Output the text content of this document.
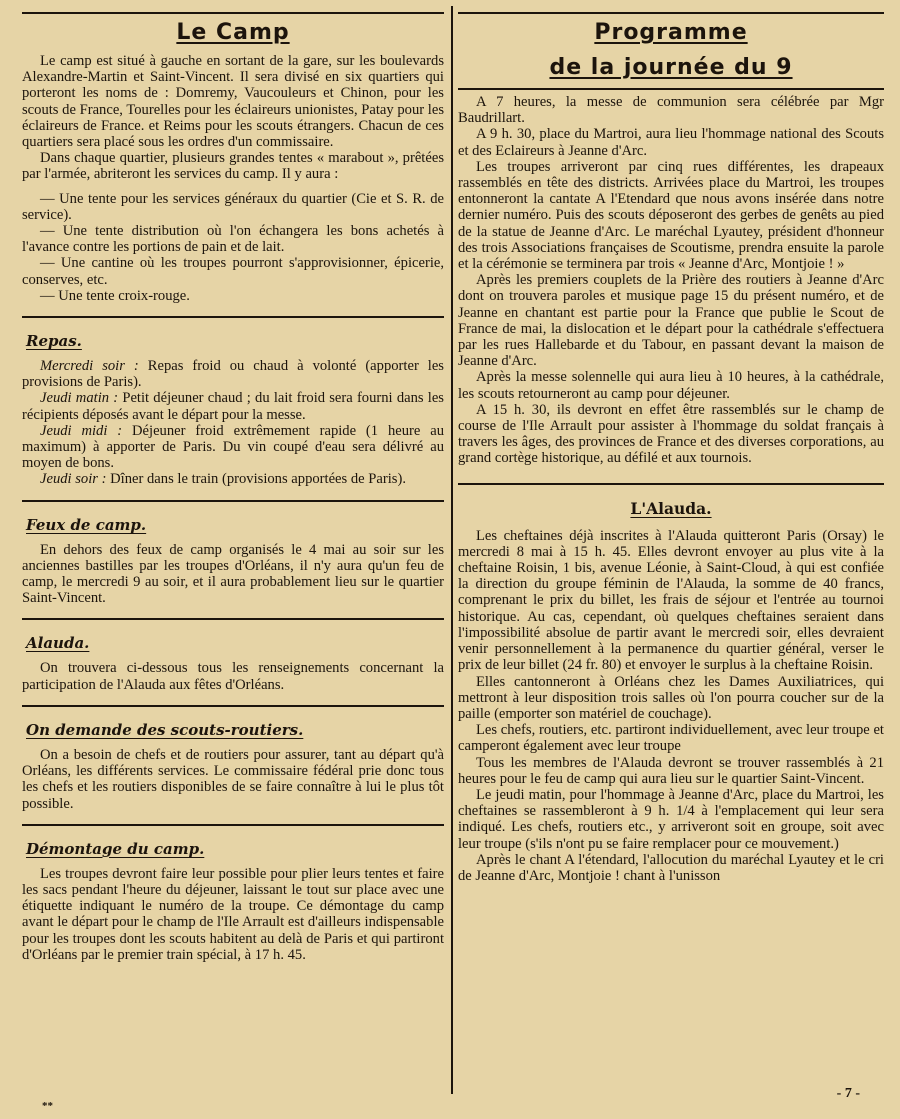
Le Camp

Le camp est situé à gauche en sortant de la gare, sur les boulevards Alexandre-Martin et Saint-Vincent. Il sera divisé en six quartiers qui porteront les noms de : Domremy, Vaucouleurs et Chinon, pour les scouts de France, Tourelles pour les éclaireurs unionistes, Patay pour les éclaireurs de France. et Reims pour les scouts étrangers. Chacun de ces quartiers sera placé sous les ordres d'un commissaire.

Dans chaque quartier, plusieurs grandes tentes « marabout », prêtées par l'armée, abriteront les services du camp. Il y aura :

— Une tente pour les services généraux du quartier (Cie et S. R. de service).

— Une tente distribution où l'on échangera les bons achetés à l'avance contre les portions de pain et de lait.

— Une cantine où les troupes pourront s'approvisionner, épicerie, conserves, etc.

— Une tente croix-rouge.

Repas.

Mercredi soir : Repas froid ou chaud à volonté (apporter les provisions de Paris).

Jeudi matin : Petit déjeuner chaud ; du lait froid sera fourni dans les récipients déposés avant le départ pour la messe.

Jeudi midi : Déjeuner froid extrêmement rapide (1 heure au maximum) à apporter de Paris. Du vin coupé d'eau sera délivré au moyen de bons.

Jeudi soir : Dîner dans le train (provisions apportées de Paris).

Feux de camp.

En dehors des feux de camp organisés le 4 mai au soir sur les anciennes bastilles par les troupes d'Orléans, il n'y aura qu'un feu de camp, le mercredi 9 au soir, et il aura probablement lieu sur le quartier Saint-Vincent.

Alauda.

On trouvera ci-dessous tous les renseignements concernant la participation de l'Alauda aux fêtes d'Orléans.

On demande des scouts-routiers.

On a besoin de chefs et de routiers pour assurer, tant au départ qu'à Orléans, les différents services. Le commissaire fédéral prie donc tous les chefs et les routiers disponibles de se faire connaître à lui le plus tôt possible.

Démontage du camp.

Les troupes devront faire leur possible pour plier leurs tentes et faire les sacs pendant l'heure du déjeuner, laissant le tout sur place avec une étiquette indiquant le numéro de la troupe. Ce démontage du camp avant le départ pour le champ de l'Ile Arrault est d'ailleurs indispensable pour les troupes dont les scouts habitent au delà de Paris et qui partiront d'Orléans par le premier train spécial, à 17 h. 45.

Programme
de la journée du 9

A 7 heures, la messe de communion sera célébrée par Mgr Baudrillart.

A 9 h. 30, place du Martroi, aura lieu l'hommage national des Scouts et des Eclaireurs à Jeanne d'Arc.

Les troupes arriveront par cinq rues différentes, les drapeaux rassemblés en tête des districts. Arrivées place du Martroi, les troupes entonneront la cantate A l'Etendard que nous avons insérée dans notre dernier numéro. Puis des scouts déposeront des gerbes de genêts au pied de la statue de Jeanne d'Arc. Le maréchal Lyautey, président d'honneur des trois Associations françaises de Scoutisme, prendra ensuite la parole et la cérémonie se terminera par trois « Jeanne d'Arc, Montjoie ! »

Après les premiers couplets de la Prière des routiers à Jeanne d'Arc dont on trouvera paroles et musique page 15 du présent numéro, et de Jeanne en chantant est partie pour la France que publie le Scout de France de mai, la dislocation et le départ pour la cathédrale s'effectuera par les rues Hallebarde et du Tabour, en passant devant la maison de Jeanne d'Arc.

Après la messe solennelle qui aura lieu à 10 heures, à la cathédrale, les scouts retourneront au camp pour déjeuner.

A 15 h. 30, ils devront en effet être rassemblés sur le champ de course de l'Ile Arrault pour assister à l'hommage du soldat français à travers les âges, des provinces de France et des diverses corporations, au grand cortège historique, au défilé et aux tournois.

L'Alauda.

Les cheftaines déjà inscrites à l'Alauda quitteront Paris (Orsay) le mercredi 8 mai à 15 h. 45. Elles devront envoyer au plus vite à la cheftaine Roisin, 1 bis, avenue Léonie, à Saint-Cloud, à qui est confiée la direction du groupe féminin de l'Alauda, la somme de 40 francs, comprenant le prix du billet, les frais de séjour et l'entrée au tournoi historique. Au cas, cependant, où quelques cheftaines seraient dans l'impossibilité absolue de partir avant le mercredi soir, elles devraient venir personnellement à la permanence du quartier général, verser le prix de leur billet (24 fr. 80) et envoyer le surplus à la cheftaine Roisin.

Elles cantonneront à Orléans chez les Dames Auxiliatrices, qui mettront à leur disposition trois salles où l'on pourra coucher sur de la paille (emporter son matériel de couchage).

Les chefs, routiers, etc. partiront individuellement, avec leur troupe et camperont également avec leur troupe

Tous les membres de l'Alauda devront se trouver rassemblés à 21 heures pour le feu de camp qui aura lieu sur le quartier Saint-Vincent.

Le jeudi matin, pour l'hommage à Jeanne d'Arc, place du Martroi, les cheftaines se rassembleront à 9 h. 1/4 à l'emplacement qui leur sera indiqué. Les chefs, routiers etc., y arriveront soit en groupe, soit avec leur troupe (s'ils n'ont pu se faire remplacer pour ce mouvement.)

Après le chant A l'étendard, l'allocution du maréchal Lyautey et le cri de Jeanne d'Arc, Montjoie ! chant à l'unisson

- 7 -
**
